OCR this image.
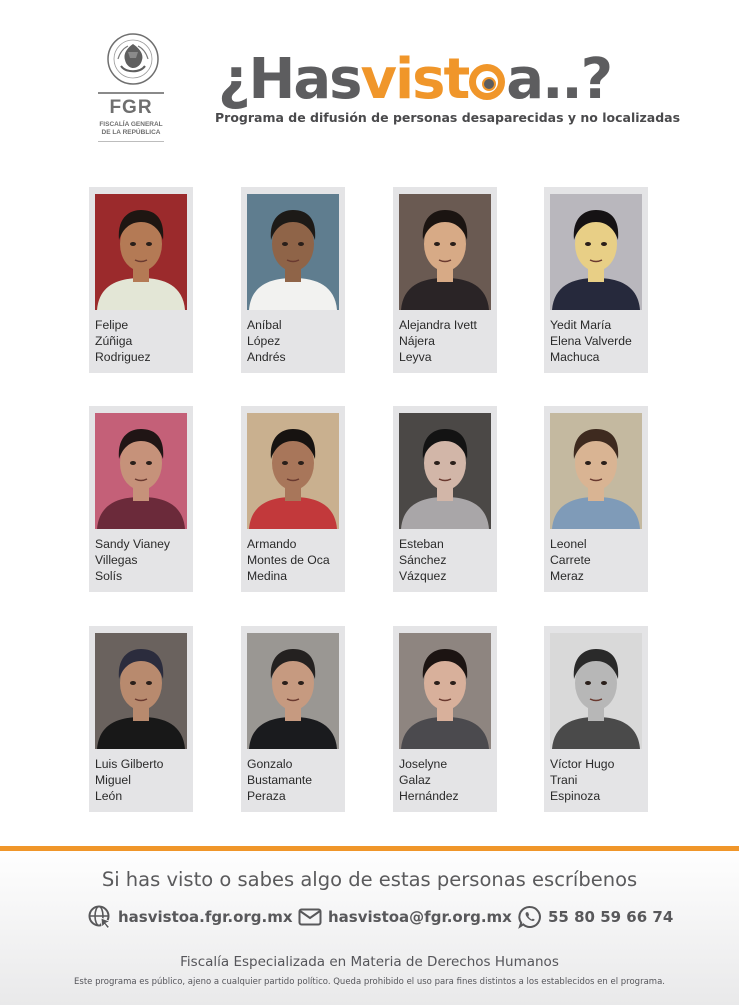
FGR
FISCALÍA GENERAL
DE LA REPÚBLICA
¿Hasvist a..?
Programa de difusión de personas desaparecidas y no localizadas
Felipe
Zúñiga
Rodriguez
Aníbal
López
Andrés
Alejandra Ivett
Nájera
Leyva
Yedit María
Elena Valverde
Machuca
Sandy Vianey
Villegas
Solís
Armando
Montes de Oca
Medina
Esteban
Sánchez
Vázquez
Leonel
Carrete
Meraz
Luis Gilberto
Miguel
León
Gonzalo
Bustamante
Peraza
Joselyne
Galaz
Hernández
Víctor Hugo
Trani
Espinoza
Si has visto o sabes algo de estas personas escríbenos
hasvistoa.fgr.org.mx hasvistoa@fgr.org.mx 55 80 59 66 74
Fiscalía Especializada en Materia de Derechos Humanos
Este programa es público, ajeno a cualquier partido político. Queda prohibido el uso para fines distintos a los establecidos en el programa.
